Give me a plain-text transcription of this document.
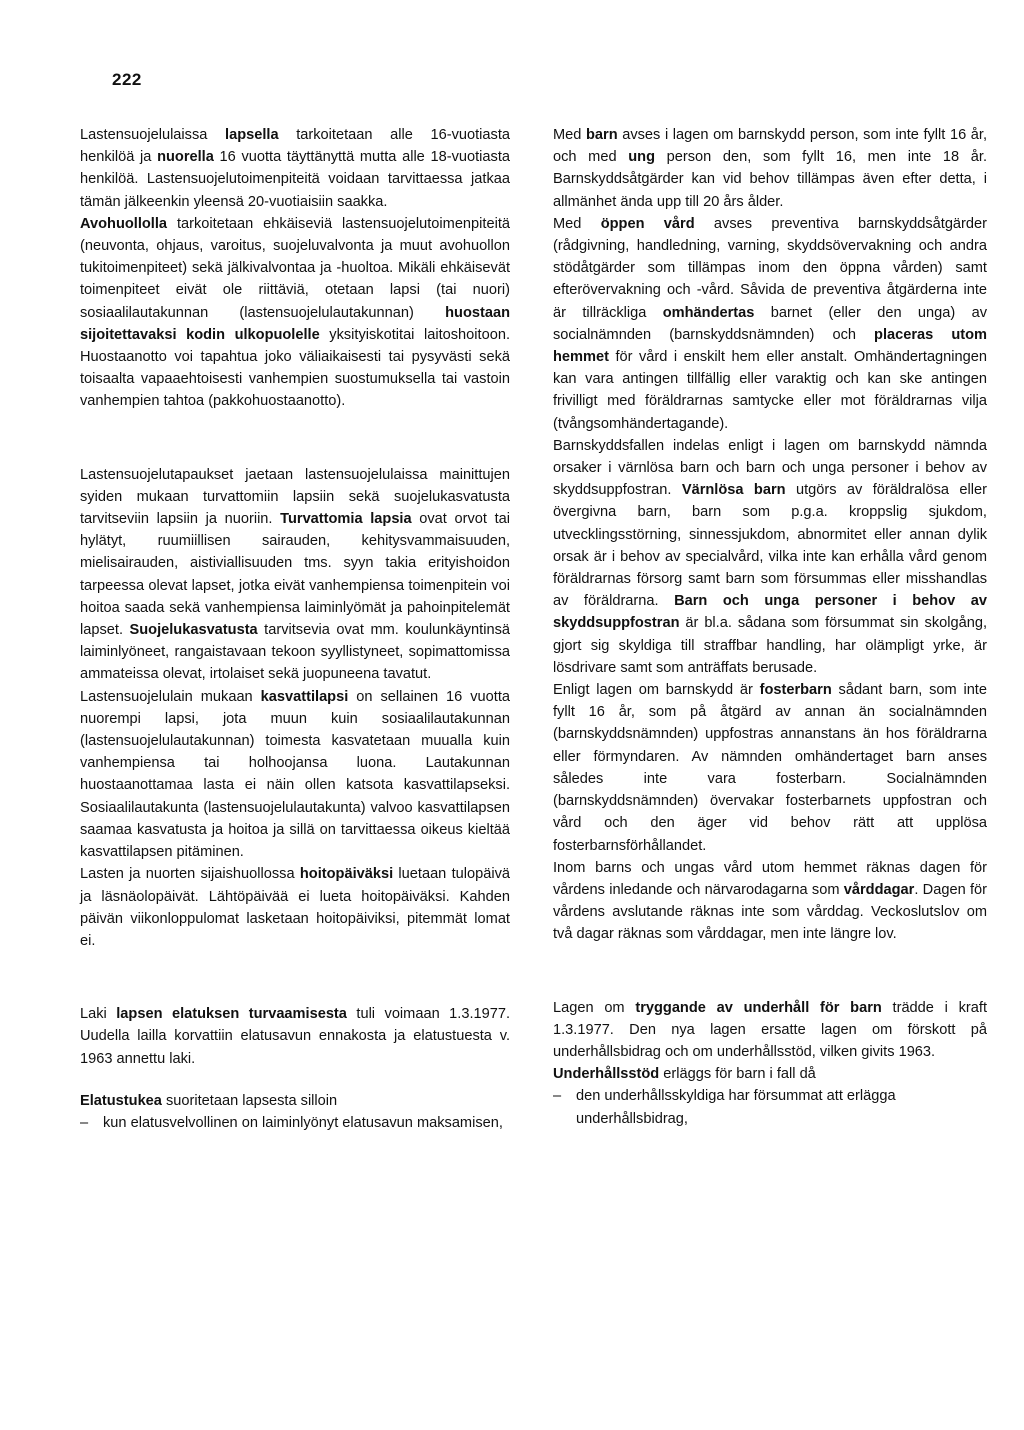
222

Lastensuojelulaissa lapsella tarkoitetaan alle 16-vuotiasta henkilöä ja nuorella 16 vuotta täyttänyttä mutta alle 18-vuotiasta henkilöä. Lastensuojelutoimenpiteitä voidaan tarvittaessa jatkaa tämän jälkeenkin yleensä 20-vuotiaisiin saakka.

Avohuollolla tarkoitetaan ehkäiseviä lastensuojelutoimenpiteitä (neuvonta, ohjaus, varoitus, suojeluvalvonta ja muut avohuollon tukitoimenpiteet) sekä jälkivalvontaa ja -huoltoa. Mikäli ehkäisevät toimenpiteet eivät ole riittäviä, otetaan lapsi (tai nuori) sosiaalilautakunnan (lastensuojelulautakunnan) huostaan sijoitettavaksi kodin ulkopuolelle yksityiskotitai laitoshoitoon. Huostaanotto voi tapahtua joko väliaikaisesti tai pysyvästi sekä toisaalta vapaaehtoisesti vanhempien suostumuksella tai vastoin vanhempien tahtoa (pakkohuostaanotto).

Lastensuojelutapaukset jaetaan lastensuojelulaissa mainittujen syiden mukaan turvattomiin lapsiin sekä suojelukasvatusta tarvitseviin lapsiin ja nuoriin. Turvattomia lapsia ovat orvot tai hylätyt, ruumiillisen sairauden, kehitysvammaisuuden, mielisairauden, aistiviallisuuden tms. syyn takia erityishoidon tarpeessa olevat lapset, jotka eivät vanhempiensa toimenpitein voi hoitoa saada sekä vanhempiensa laiminlyömät ja pahoinpitelemät lapset. Suojelukasvatusta tarvitsevia ovat mm. koulunkäyntinsä laiminlyöneet, rangaistavaan tekoon syyllistyneet, sopimattomissa ammateissa olevat, irtolaiset sekä juopuneena tavatut.

Lastensuojelulain mukaan kasvattilapsi on sellainen 16 vuotta nuorempi lapsi, jota muun kuin sosiaalilautakunnan (lastensuojelulautakunnan) toimesta kasvatetaan muualla kuin vanhempiensa tai holhoojansa luona. Lautakunnan huostaanottamaa lasta ei näin ollen katsota kasvattilapseksi. Sosiaalilautakunta (lastensuojelulautakunta) valvoo kasvattilapsen saamaa kasvatusta ja hoitoa ja sillä on tarvittaessa oikeus kieltää kasvattilapsen pitäminen.

Lasten ja nuorten sijaishuollossa hoitopäiväksi luetaan tulopäivä ja läsnäolopäivät. Lähtöpäivää ei lueta hoitopäiväksi. Kahden päivän viikonloppulomat lasketaan hoitopäiviksi, pitemmät lomat ei.

Laki lapsen elatuksen turvaamisesta tuli voimaan 1.3.1977. Uudella lailla korvattiin elatusavun ennakosta ja elatustuesta v. 1963 annettu laki.

Elatustukea suoritetaan lapsesta silloin

–	kun elatusvelvollinen on laiminlyönyt elatusavun maksamisen,

Med barn avses i lagen om barnskydd person, som inte fyllt 16 år, och med ung person den, som fyllt 16, men inte 18 år. Barnskyddsåtgärder kan vid behov tillämpas även efter detta, i allmänhet ända upp till 20 års ålder.

Med öppen vård avses preventiva barnskyddsåtgärder (rådgivning, handledning, varning, skyddsövervakning och andra stödåtgärder som tillämpas inom den öppna vården) samt efterövervakning och -vård. Såvida de preventiva åtgärderna inte är tillräckliga omhändertas barnet (eller den unga) av socialnämnden (barnskyddsnämnden) och placeras utom hemmet för vård i enskilt hem eller anstalt. Omhändertagningen kan vara antingen tillfällig eller varaktig och kan ske antingen frivilligt med föräldrarnas samtycke eller mot föräldrarnas vilja (tvångsomhändertagande).

Barnskyddsfallen indelas enligt i lagen om barnskydd nämnda orsaker i värnlösa barn och barn och unga personer i behov av skyddsuppfostran. Värnlösa barn utgörs av föräldralösa eller övergivna barn, barn som p.g.a. kroppslig sjukdom, utvecklingsstörning, sinnessjukdom, abnormitet eller annan dylik orsak är i behov av specialvård, vilka inte kan erhålla vård genom föräldrarnas försorg samt barn som försummas eller misshandlas av föräldrarna. Barn och unga personer i behov av skyddsuppfostran är bl.a. sådana som försummat sin skolgång, gjort sig skyldiga till straffbar handling, har olämpligt yrke, är lösdrivare samt som anträffats berusade.

Enligt lagen om barnskydd är fosterbarn sådant barn, som inte fyllt 16 år, som på åtgärd av annan än socialnämnden (barnskyddsnämnden) uppfostras annanstans än hos föräldrarna eller förmyndaren. Av nämnden omhändertaget barn anses således inte vara fosterbarn. Socialnämnden (barnskyddsnämnden) övervakar fosterbarnets uppfostran och vård och den äger vid behov rätt att upplösa fosterbarnsförhållandet.

Inom barns och ungas vård utom hemmet räknas dagen för vårdens inledande och närvarodagarna som vårddagar. Dagen för vårdens avslutande räknas inte som vårddag. Veckoslutslov om två dagar räknas som vårddagar, men inte längre lov.

Lagen om tryggande av underhåll för barn trädde i kraft 1.3.1977. Den nya lagen ersatte lagen om förskott på underhållsbidrag och om underhållsstöd, vilken givits 1963.

Underhållsstöd erläggs för barn i fall då

–	den underhållsskyldiga har försummat att erlägga underhållsbidrag,
